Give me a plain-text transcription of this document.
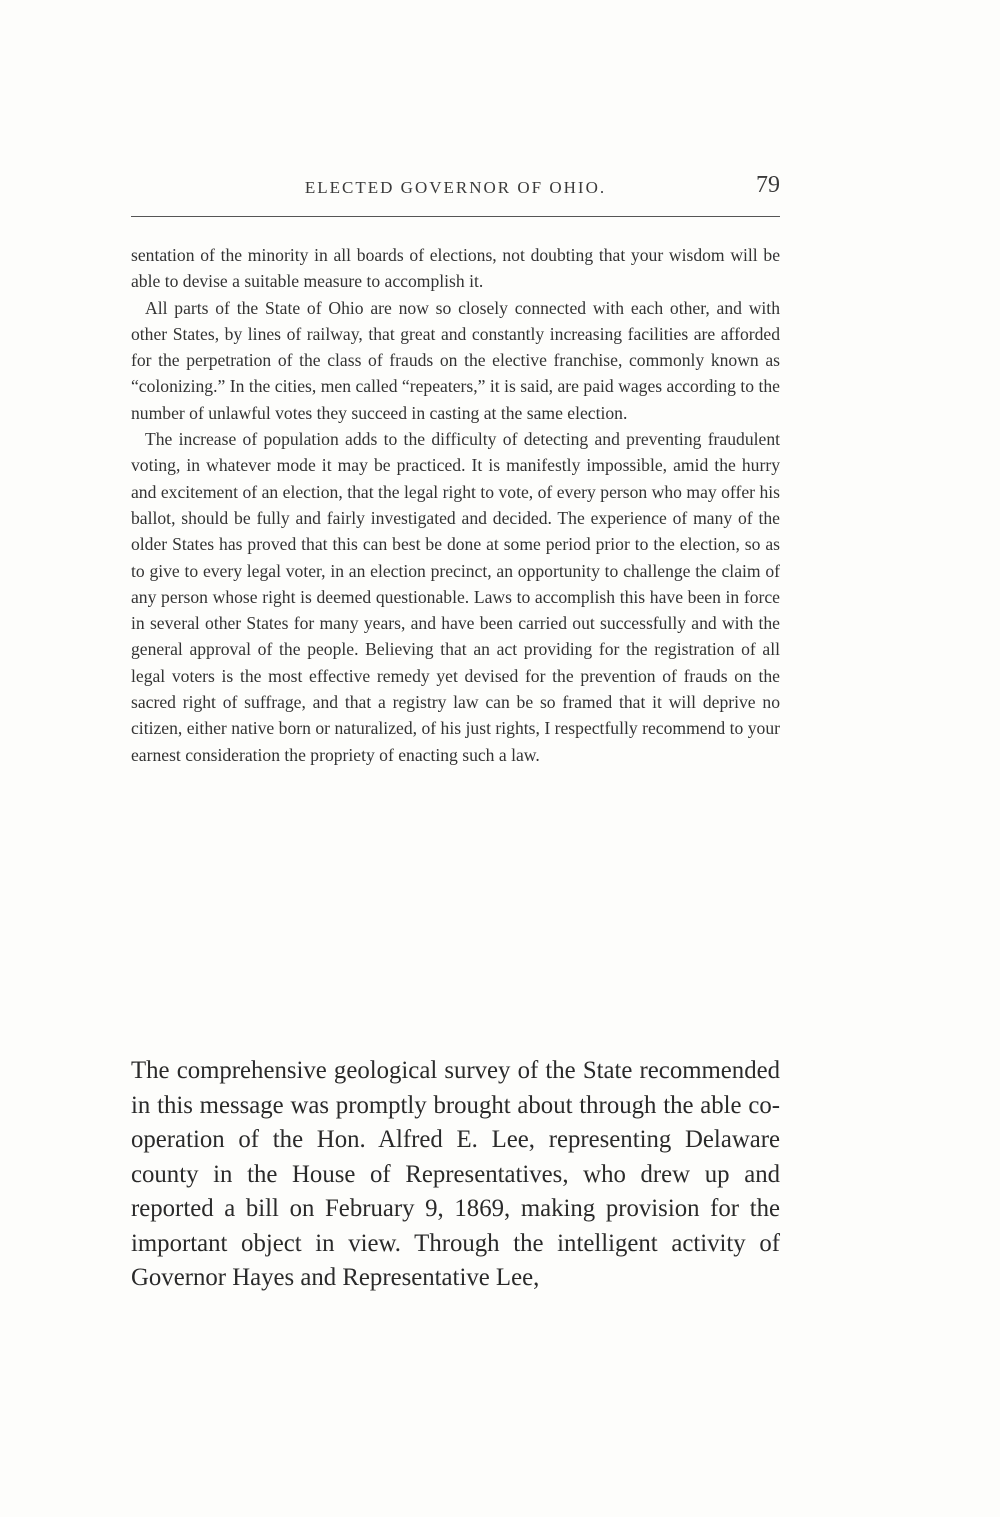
ELECTED GOVERNOR OF OHIO.	79

sentation of the minority in all boards of elections, not doubting that your wisdom will be able to devise a suitable measure to accomplish it.

All parts of the State of Ohio are now so closely connected with each other, and with other States, by lines of railway, that great and constantly increasing facilities are afforded for the perpetration of the class of frauds on the elective franchise, commonly known as “colonizing.” In the cities, men called “repeaters,” it is said, are paid wages according to the number of unlawful votes they succeed in casting at the same election.

The increase of population adds to the difficulty of detecting and preventing fraudulent voting, in whatever mode it may be practiced. It is manifestly impossible, amid the hurry and excitement of an election, that the legal right to vote, of every person who may offer his ballot, should be fully and fairly investigated and decided. The experience of many of the older States has proved that this can best be done at some period prior to the election, so as to give to every legal voter, in an election precinct, an opportunity to challenge the claim of any person whose right is deemed questionable. Laws to accomplish this have been in force in several other States for many years, and have been carried out successfully and with the general approval of the people. Believing that an act providing for the registration of all legal voters is the most effective remedy yet devised for the prevention of frauds on the sacred right of suffrage, and that a registry law can be so framed that it will deprive no citizen, either native born or naturalized, of his just rights, I respectfully recommend to your earnest consideration the propriety of enacting such a law.

The comprehensive geological survey of the State recommended in this message was promptly brought about through the able co-operation of the Hon. Alfred E. Lee, representing Delaware county in the House of Representatives, who drew up and reported a bill on February 9, 1869, making provision for the important object in view. Through the intelligent activity of Governor Hayes and Representative Lee,
